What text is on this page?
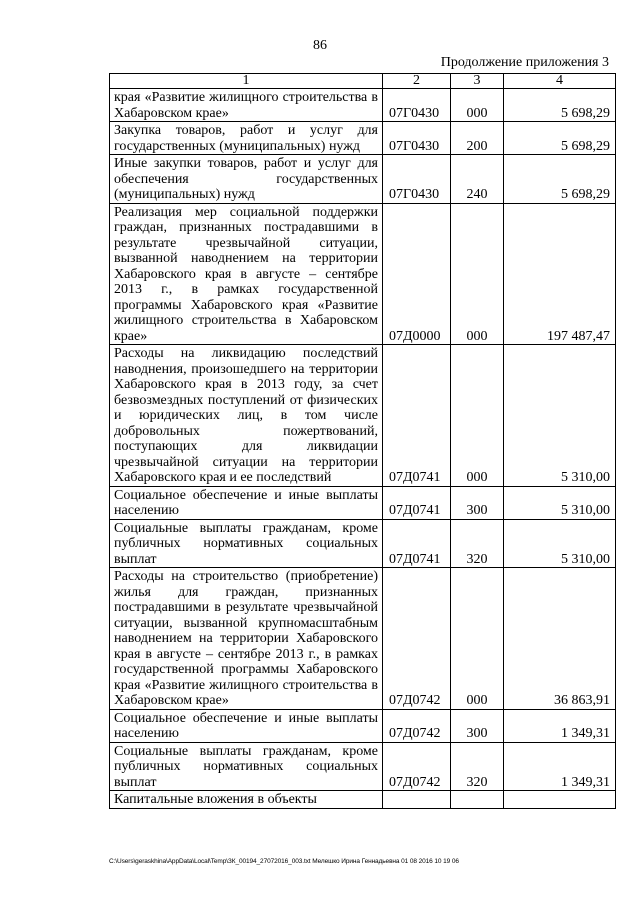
86
Продолжение приложения 3
1	2	3	4
края «Развитие жилищного строительства в Хабаровском крае»	07Г0430	000	5 698,29
Закупка товаров, работ и услуг для государственных (муниципальных) нужд	07Г0430	200	5 698,29
Иные закупки товаров, работ и услуг для обеспечения государственных (муниципальных) нужд	07Г0430	240	5 698,29
Реализация мер социальной поддержки граждан, признанных пострадавшими в результате чрезвычайной ситуации, вызванной наводнением на территории Хабаровского края в августе – сентябре 2013 г., в рамках государственной программы Хабаровского края «Развитие жилищного строительства в Хабаровском крае»	07Д0000	000	197 487,47
Расходы на ликвидацию последствий наводнения, произошедшего на территории Хабаровского края в 2013 году, за счет безвозмездных поступлений от физических и юридических лиц, в том числе добровольных пожертвований, поступающих для ликвидации чрезвычайной ситуации на территории Хабаровского края и ее последствий	07Д0741	000	5 310,00
Социальное обеспечение и иные выплаты населению	07Д0741	300	5 310,00
Социальные выплаты гражданам, кроме публичных нормативных социальных выплат	07Д0741	320	5 310,00
Расходы на строительство (приобретение) жилья для граждан, признанных пострадавшими в результате чрезвычайной ситуации, вызванной крупномасштабным наводнением на территории Хабаровского края в августе – сентябре 2013 г., в рамках государственной программы Хабаровского края «Развитие жилищного строительства в Хабаровском крае»	07Д0742	000	36 863,91
Социальное обеспечение и иные выплаты населению	07Д0742	300	1 349,31
Социальные выплаты гражданам, кроме публичных нормативных социальных выплат	07Д0742	320	1 349,31
Капитальные вложения в объекты			
C:\Users\geraskhina\AppData\Local\Temp\ЗК_00194_27072016_003.txt Мелешко Ирина Геннадьевна 01 08 2016 10 19 06
